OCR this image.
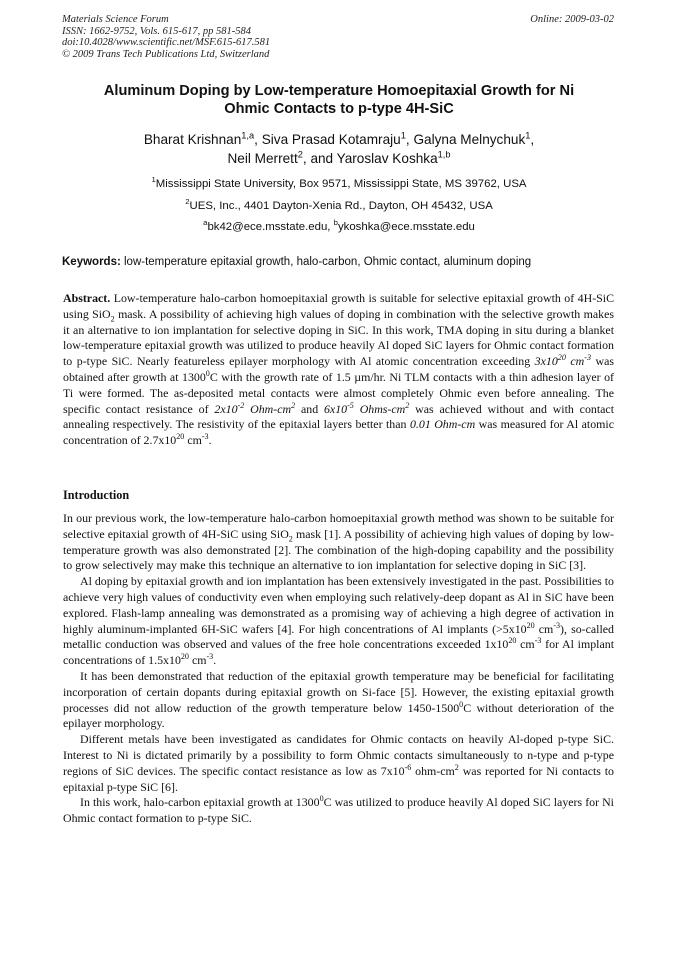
Materials Science Forum
ISSN: 1662-9752, Vols. 615-617, pp 581-584
doi:10.4028/www.scientific.net/MSF.615-617.581
© 2009 Trans Tech Publications Ltd, Switzerland
Online: 2009-03-02
Aluminum Doping by Low-temperature Homoepitaxial Growth for Ni
Ohmic Contacts to p-type 4H-SiC
Bharat Krishnan$^{1,a}$, Siva Prasad Kotamraju$^1$, Galyna Melnychuk$^1$,
Neil Merrett$^2$, and Yaroslav Koshka$^{1,b}$
$^1$Mississippi State University, Box 9571, Mississippi State, MS 39762, USA
$^2$UES, Inc., 4401 Dayton-Xenia Rd., Dayton, OH 45432, USA
$^a$bk42@ece.msstate.edu, $^b$ykoshka@ece.msstate.edu
Keywords: low-temperature epitaxial growth, halo-carbon, Ohmic contact, aluminum doping

Abstract. Low-temperature halo-carbon homoepitaxial growth is suitable for selective epitaxial growth of 4H-SiC using SiO$_2$ mask. A possibility of achieving high values of doping in combination with the selective growth makes it an alternative to ion implantation for selective doping in SiC. In this work, TMA doping in situ during a blanket low-temperature epitaxial growth was utilized to produce heavily Al doped SiC layers for Ohmic contact formation to p-type SiC. Nearly featureless epilayer morphology with Al atomic concentration exceeding $3x10^{20}$ $cm^{-3}$ was obtained after growth at 1300$^0$C with the growth rate of 1.5 µm/hr. Ni TLM contacts with a thin adhesion layer of Ti were formed. The as-deposited metal contacts were almost completely Ohmic even before annealing. The specific contact resistance of $2x10^{-2}$ Ohm-$cm^2$ and $6x10^{-5}$ Ohms-$cm^2$ was achieved without and with contact annealing respectively. The resistivity of the epitaxial layers better than 0.01 Ohm-cm was measured for Al atomic concentration of $2.7x10^{20}$ $cm^{-3}$.

Introduction

In our previous work, the low-temperature halo-carbon homoepitaxial growth method was shown to be suitable for selective epitaxial growth of 4H-SiC using SiO$_2$ mask [1]. A possibility of achieving high values of doping by low-temperature growth was also demonstrated [2]. The combination of the high-doping capability and the possibility to grow selectively may make this technique an alternative to ion implantation for selective doping in SiC [3].

Al doping by epitaxial growth and ion implantation has been extensively investigated in the past. Possibilities to achieve very high values of conductivity even when employing such relatively-deep dopant as Al in SiC have been explored. Flash-lamp annealing was demonstrated as a promising way of achieving a high degree of activation in highly aluminum-implanted 6H-SiC wafers [4]. For high concentrations of Al implants ($>5x10^{20}$ $cm^{-3}$), so-called metallic conduction was observed and values of the free hole concentrations exceeded $1x10^{20}$ $cm^{-3}$ for Al implant concentrations of $1.5x10^{20}$ $cm^{-3}$.

It has been demonstrated that reduction of the epitaxial growth temperature may be beneficial for facilitating incorporation of certain dopants during epitaxial growth on Si-face [5]. However, the existing epitaxial growth processes did not allow reduction of the growth temperature below 1450-1500$^0$C without deterioration of the epilayer morphology.

Different metals have been investigated as candidates for Ohmic contacts on heavily Al-doped p-type SiC. Interest to Ni is dictated primarily by a possibility to form Ohmic contacts simultaneously to n-type and p-type regions of SiC devices. The specific contact resistance as low as $7x10^{-6}$ ohm-$cm^2$ was reported for Ni contacts to epitaxial p-type SiC [6].

In this work, halo-carbon epitaxial growth at 1300$^0$C was utilized to produce heavily Al doped SiC layers for Ni Ohmic contact formation to p-type SiC.
